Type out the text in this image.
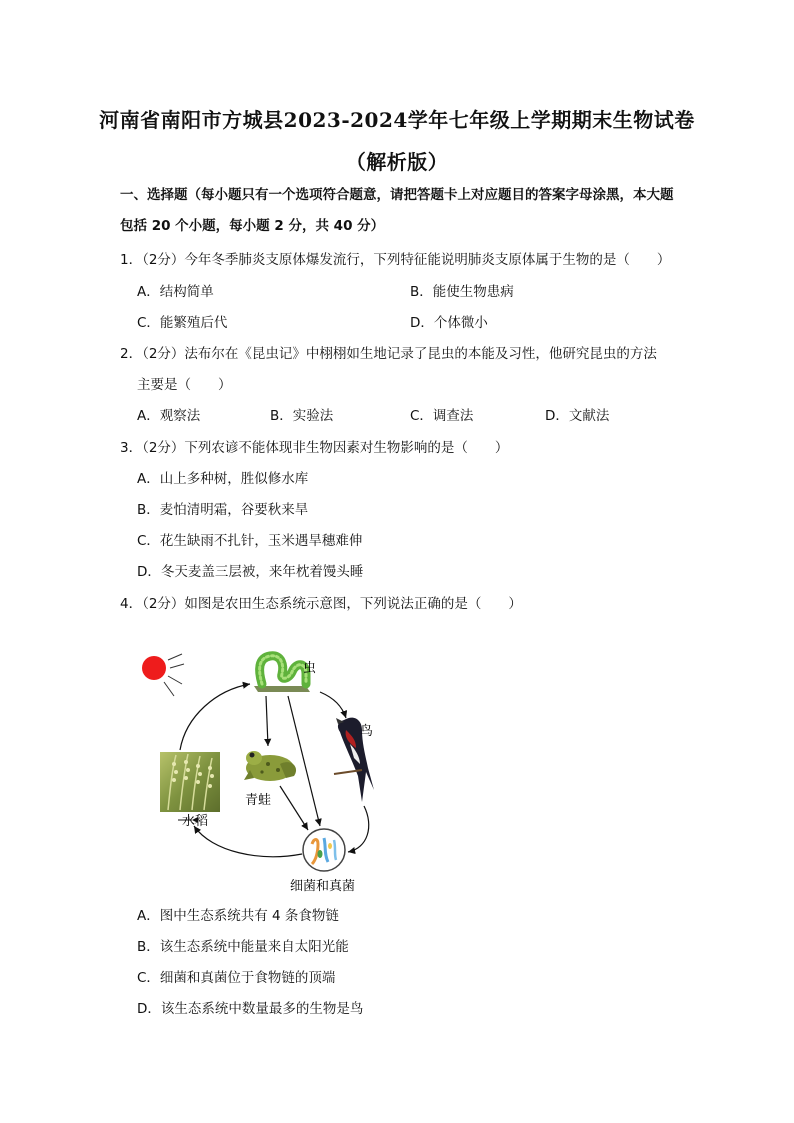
河南省南阳市方城县2023-2024学年七年级上学期期末生物试卷
（解析版）
一、选择题（每小题只有一个选项符合题意，请把答题卡上对应题目的答案字母涂黑，本大题包括 20 个小题，每小题 2 分，共 40 分）
1．（2分）今年冬季肺炎支原体爆发流行，下列特征能说明肺炎支原体属于生物的是（　　）
A．结构简单	B．能使生物患病
C．能繁殖后代	D．个体微小
2．（2分）法布尔在《昆虫记》中栩栩如生地记录了昆虫的本能及习性，他研究昆虫的方法
主要是（　　）
A．观察法	B．实验法	C．调查法	D．文献法
3．（2分）下列农谚不能体现非生物因素对生物影响的是（　　）
A．山上多种树，胜似修水库
B．麦怕清明霜，谷要秋来旱
C．花生缺雨不扎针，玉米遇旱穗难伸
D．冬天麦盖三层被，来年枕着馒头睡
4．（2分）如图是农田生态系统示意图，下列说法正确的是（　　）
虫
鸟
水稻
青蛙
细菌和真菌
A．图中生态系统共有 4 条食物链
B．该生态系统中能量来自太阳光能
C．细菌和真菌位于食物链的顶端
D．该生态系统中数量最多的生物是鸟
